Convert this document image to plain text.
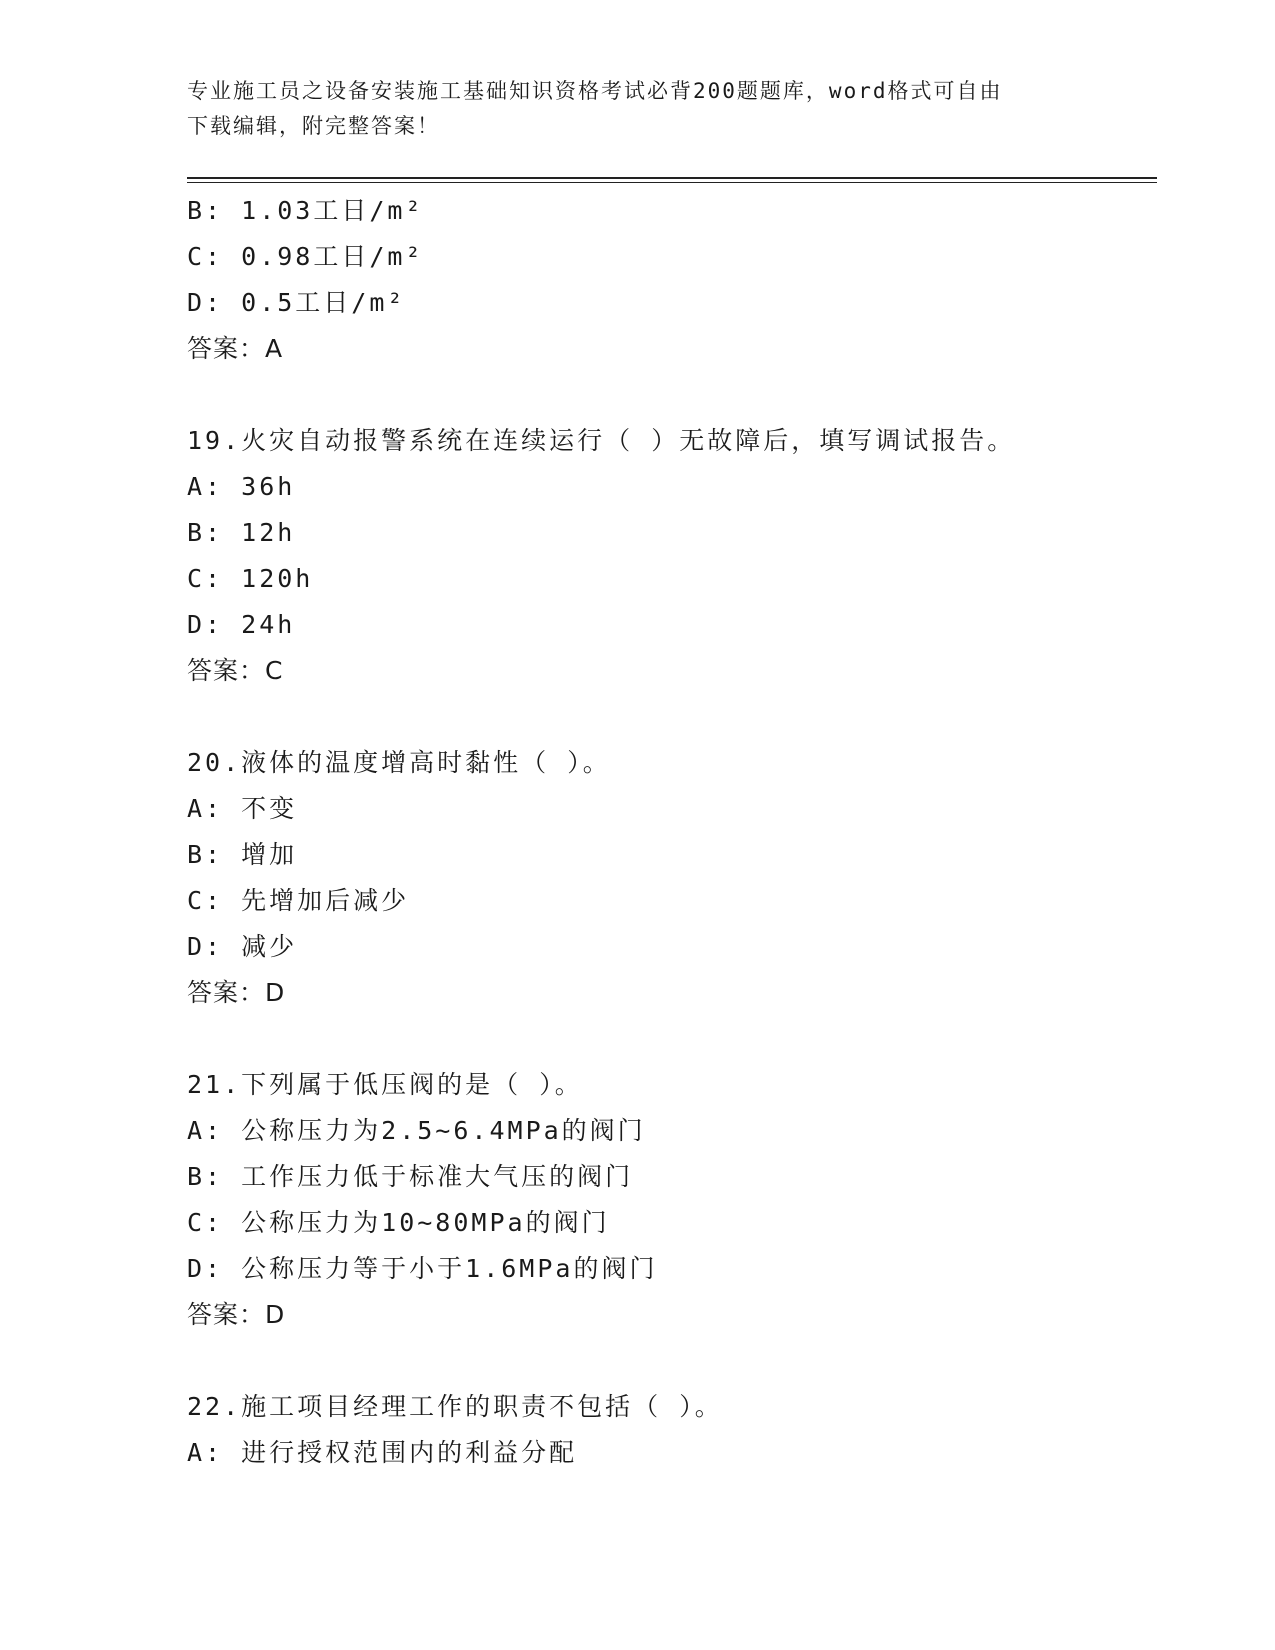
专业施工员之设备安装施工基础知识资格考试必背200题题库，word格式可自由
下载编辑，附完整答案！
B: 1.03工日/m²
C: 0.98工日/m²
D: 0.5工日/m²
答案：A
19.火灾自动报警系统在连续运行（ ）无故障后，填写调试报告。
A: 36h
B: 12h
C: 120h
D: 24h
答案：C
20.液体的温度增高时黏性（ ）。
A: 不变
B: 增加
C: 先增加后减少
D: 减少
答案：D
21.下列属于低压阀的是（ ）。
A: 公称压力为2.5~6.4MPa的阀门
B: 工作压力低于标准大气压的阀门
C: 公称压力为10~80MPa的阀门
D: 公称压力等于小于1.6MPa的阀门
答案：D
22.施工项目经理工作的职责不包括（ ）。
A: 进行授权范围内的利益分配
